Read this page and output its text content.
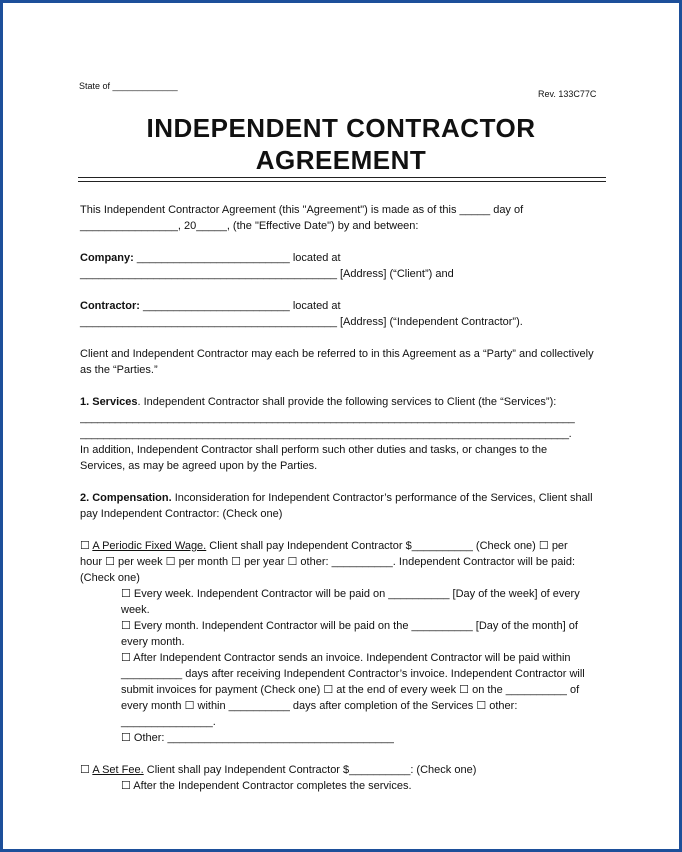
State of _____________
Rev. 133C77C
INDEPENDENT CONTRACTOR
AGREEMENT
This Independent Contractor Agreement (this "Agreement") is made as of this _____ day of
________________, 20_____, (the "Effective Date") by and between:
Company: _________________________ located at
__________________________________________ [Address] (“Client”) and
Contractor: ________________________ located at
__________________________________________ [Address] (“Independent Contractor”).
Client and Independent Contractor may each be referred to in this Agreement as a “Party” and collectively
as the “Parties.”
1. Services. Independent Contractor shall provide the following services to Client (the “Services”):
_____________________________________________________________________________________
____________________________________________________________________________________.
In addition, Independent Contractor shall perform such other duties and tasks, or changes to the
Services, as may be agreed upon by the Parties.
2. Compensation. Inconsideration for Independent Contractor’s performance of the Services, Client shall
pay Independent Contractor: (Check one)
☐ A Periodic Fixed Wage. Client shall pay Independent Contractor $__________ (Check one) ☐ per
hour ☐ per week ☐ per month ☐ per year ☐ other: __________. Independent Contractor will be paid:
(Check one)
☐ Every week. Independent Contractor will be paid on __________ [Day of the week] of every
week.
☐ Every month. Independent Contractor will be paid on the __________ [Day of the month] of
every month.
☐ After Independent Contractor sends an invoice. Independent Contractor will be paid within
__________ days after receiving Independent Contractor’s invoice. Independent Contractor will
submit invoices for payment (Check one) ☐ at the end of every week ☐ on the __________ of
every month ☐ within __________ days after completion of the Services ☐ other:
_______________.
☐ Other: _____________________________________
☐ A Set Fee. Client shall pay Independent Contractor $__________: (Check one)
☐ After the Independent Contractor completes the services.
